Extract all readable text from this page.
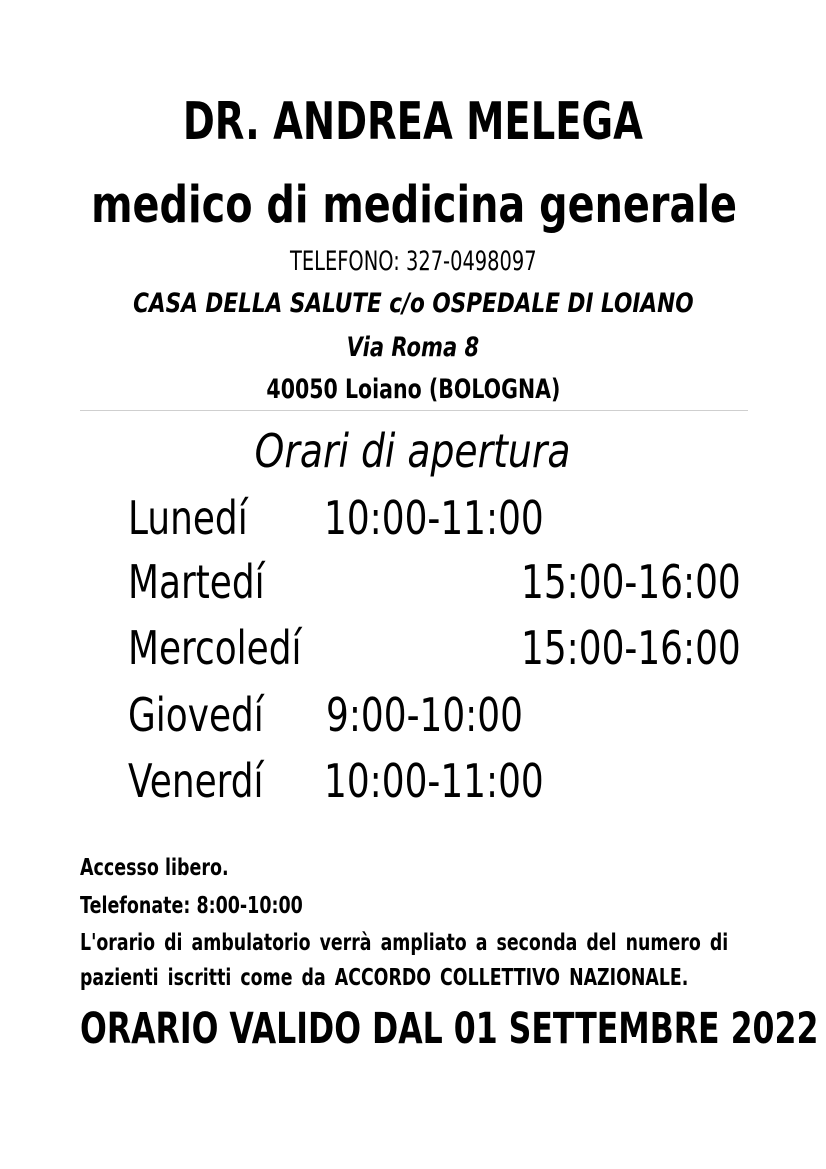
DR. ANDREA MELEGA
medico di medicina generale
TELEFONO: 327-0498097
CASA DELLA SALUTE c/o OSPEDALE DI LOIANO
Via Roma 8
40050 Loiano (BOLOGNA)
Orari di apertura
Lunedí 10:00-11:00
Martedí	15:00-16:00
Mercoledí	15:00-16:00
Giovedí 9:00-10:00
Venerdí 10:00-11:00
Accesso libero.
Telefonate: 8:00-10:00
L'orario di ambulatorio verrà ampliato a seconda del numero di
pazienti iscritti come da ACCORDO COLLETTIVO NAZIONALE.
ORARIO VALIDO DAL 01 SETTEMBRE 2022
